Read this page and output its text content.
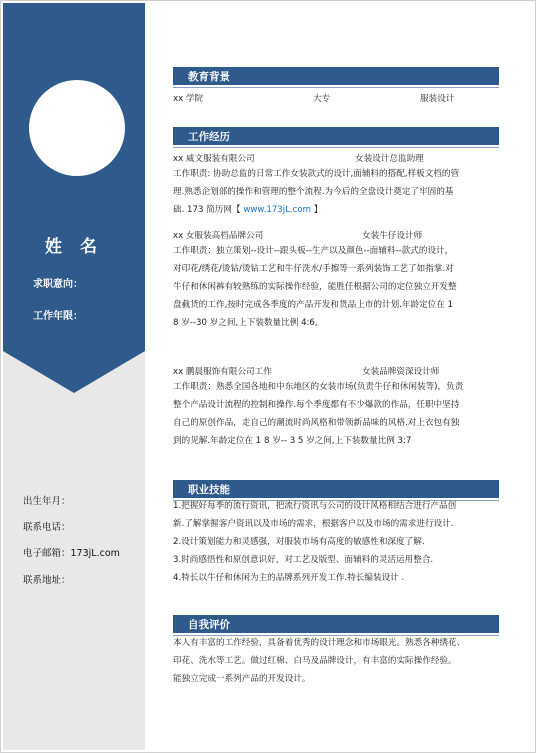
姓 名
求职意向：
工作年限：
出生年月：
联系电话：
电子邮箱：173jL.com
联系地址：
教育背景
xx 学院	大专	服装设计
工作经历
xx 威文服装有限公司	女装设计总监助理
工作职责: 协助总监的日常工作女装款式的设计,面辅料的搭配,样板文档的管
理.熟悉企划部的操作和管理的整个流程.为今后的全盘设计奠定了牢固的基
础. 173 简历网【 www.173jL.com 】
xx 女服装高档品牌公司	女装牛仔设计师
工作职责：独立策划--设计--跟头板--生产以及颜色--面辅料--款式的设计，
对印花/绣花/烫钻/烫钻工艺和牛仔洗水/手擦等一系列装饰工艺了如指掌.对
牛仔和休闲裤有较熟练的实际操作经验，能胜任根据公司的定位独立开发整
盘截货的工作,按时完成各季度的产品开发和货品上市的计划.年龄定位在 1
8 岁--30 岁之间,上下装数量比例 4:6,
xx 鹏晨服饰有限公司工作	女装品牌资深设计师
工作职责：熟悉全国各地和中东地区的女装市场(负责牛仔和休闲装等)，负责
整个产品设计流程的控制和操作.每个季度都有不少爆款的作品，任职中坚持
自己的原创作品，走自己的潮流时尚风格和带领新品味的风格.对上衣包有独
到的见解.年龄定位在 1 8 岁-- 3 5 岁之间,上下装数量比例 3:7
职业技能
1.把握好每季的流行资讯，把流行资讯与公司的设计风格相结合进行产品创
新.了解掌握客户资讯以及市场的需求，根据客户以及市场的需求进行设计.
2.设计策划能力和灵感强，对服装市场有高度的敏感性和深度了解.
3.时尚感悟性和原创意识好，对工艺及版型、面辅料的灵活运用整合.
4.特长以牛仔和休闲为主的品牌系列开发工作.特长编装设计 .
自我评价
本人有丰富的工作经验，具备着优秀的设计理念和市场眼光。熟悉各种绣花、
印花、洗水等工艺。做过红棉、白马及品牌设计，有丰富的实际操作经验。
能独立完成一系列产品的开发设计。
